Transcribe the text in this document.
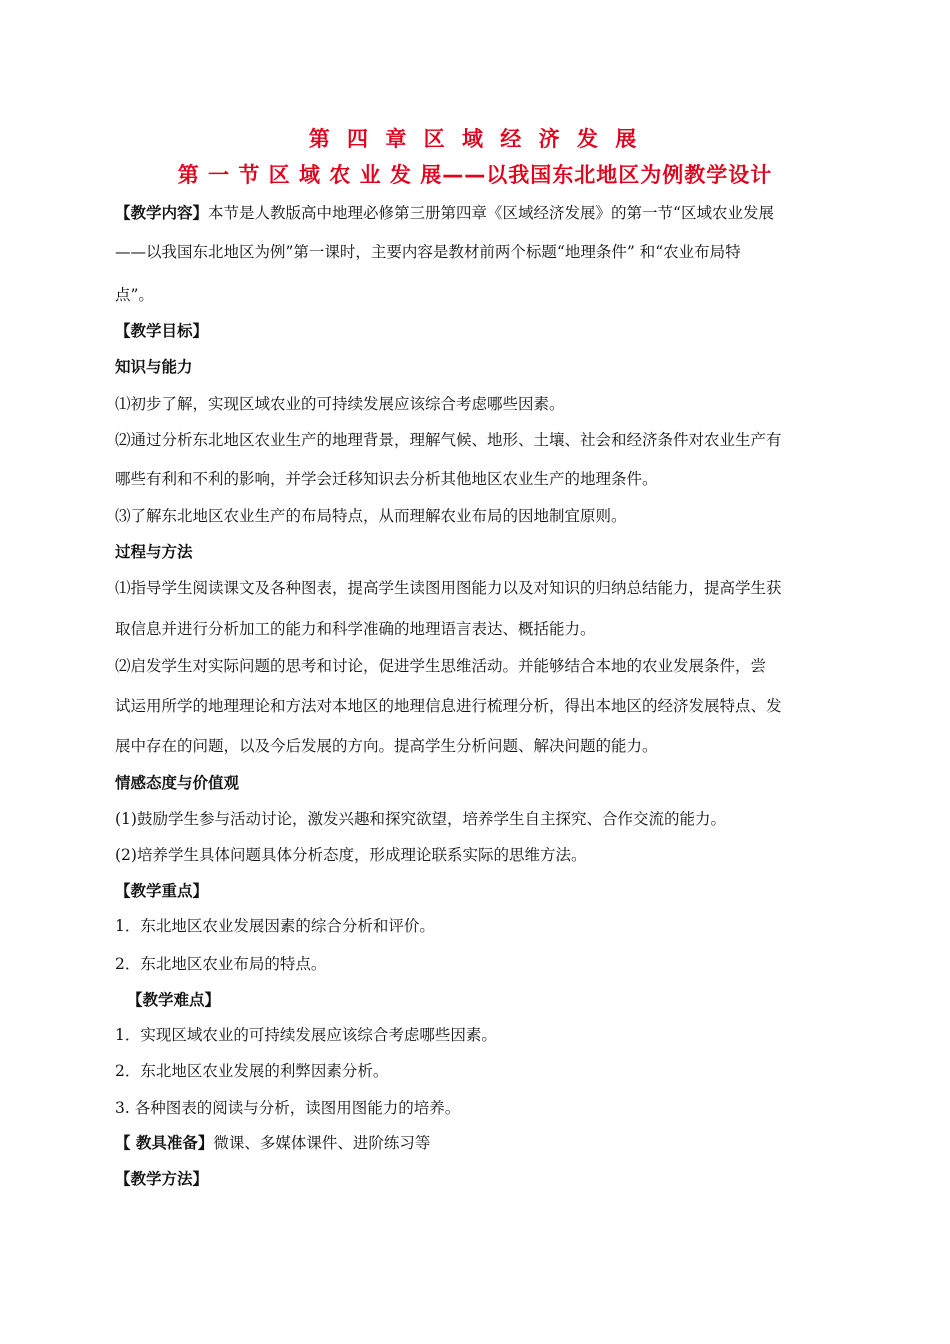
第 四 章 区 域 经 济 发 展
第 一 节 区 域 农 业 发 展——以我国东北地区为例教学设计
【教学内容】本节是人教版高中地理必修第三册第四章《区域经济发展》的第一节“区域农业发展
——以我国东北地区为例”第一课时，主要内容是教材前两个标题“地理条件” 和“农业布局特
点”。
【教学目标】
知识与能力
⑴初步了解，实现区域农业的可持续发展应该综合考虑哪些因素。
⑵通过分析东北地区农业生产的地理背景，理解气候、地形、土壤、社会和经济条件对农业生产有
哪些有利和不利的影响，并学会迁移知识去分析其他地区农业生产的地理条件。
⑶了解东北地区农业生产的布局特点，从而理解农业布局的因地制宜原则。
过程与方法
⑴指导学生阅读课文及各种图表，提高学生读图用图能力以及对知识的归纳总结能力，提高学生获
取信息并进行分析加工的能力和科学准确的地理语言表达、概括能力。
⑵启发学生对实际问题的思考和讨论，促进学生思维活动。并能够结合本地的农业发展条件，尝
试运用所学的地理理论和方法对本地区的地理信息进行梳理分析，得出本地区的经济发展特点、发
展中存在的问题，以及今后发展的方向。提高学生分析问题、解决问题的能力。
情感态度与价值观
(1)鼓励学生参与活动讨论，激发兴趣和探究欲望，培养学生自主探究、合作交流的能力。
(2)培养学生具体问题具体分析态度，形成理论联系实际的思维方法。
【教学重点】
1．东北地区农业发展因素的综合分析和评价。
2．东北地区农业布局的特点。
【教学难点】
1．实现区域农业的可持续发展应该综合考虑哪些因素。
2．东北地区农业发展的利弊因素分析。
3. 各种图表的阅读与分析，读图用图能力的培养。
【 教具准备】微课、多媒体课件、进阶练习等
【教学方法】
